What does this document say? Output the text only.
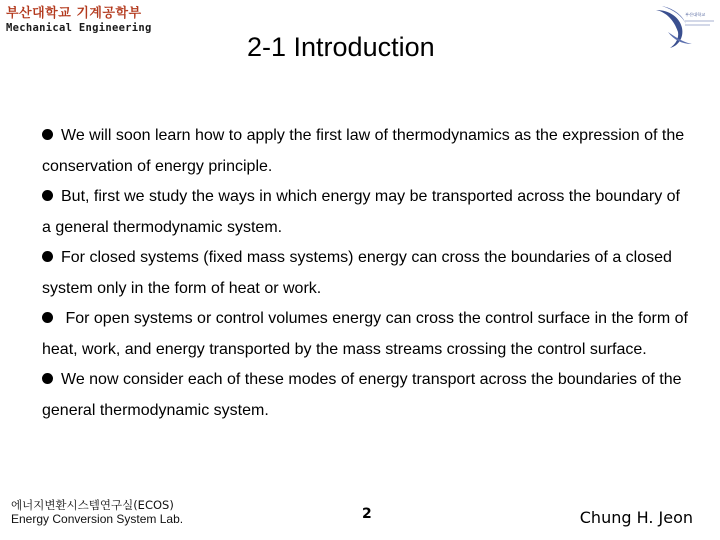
부산대학교 기계공학부
Mechanical Engineering
2-1 Introduction
부산대학교
We will soon learn how to apply the first law of thermodynamics as the expression of the conservation of energy principle.
But, first we study the ways in which energy may be transported across the boundary of a general thermodynamic system.
For closed systems (fixed mass systems) energy can cross the boundaries of a closed system only in the form of heat or work.
For open systems or control volumes energy can cross the control surface in the form of heat, work, and energy transported by the mass streams crossing the control surface.
We now consider each of these modes of energy transport across the boundaries of the general thermodynamic system.
에너지변환시스템연구실(ECOS)
Energy Conversion System Lab.	2	Chung H. Jeon
